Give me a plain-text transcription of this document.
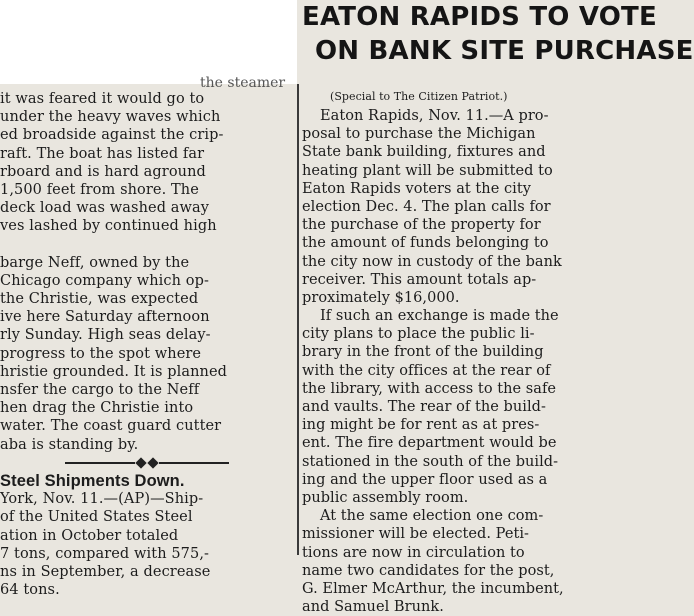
EATON RAPIDS TO VOTE
ON BANK SITE PURCHASE
the steamer
it was feared it would go to
under the heavy waves which
ed broadside against the crip-
raft. The boat has listed far
rboard and is hard aground
1,500 feet from shore. The
deck load was washed away
ves lashed by continued high
barge Neff, owned by the
Chicago company which op-
the Christie, was expected
ive here Saturday afternoon
rly Sunday. High seas delay-
progress to the spot where
hristie grounded. It is planned
nsfer the cargo to the Neff
hen drag the Christie into
water. The coast guard cutter
aba is standing by.
Steel Shipments Down.
York, Nov. 11.—(AP)—Ship-
of the United States Steel
ation in October totaled
7 tons, compared with 575,-
ns in September, a decrease
64 tons.
(Special to The Citizen Patriot.)
Eaton Rapids, Nov. 11.—A pro-
posal to purchase the Michigan
State bank building, fixtures and
heating plant will be submitted to
Eaton Rapids voters at the city
election Dec. 4. The plan calls for
the purchase of the property for
the amount of funds belonging to
the city now in custody of the bank
receiver. This amount totals ap-
proximately $16,000.
If such an exchange is made the
city plans to place the public li-
brary in the front of the building
with the city offices at the rear of
the library, with access to the safe
and vaults. The rear of the build-
ing might be for rent as at pres-
ent. The fire department would be
stationed in the south of the build-
ing and the upper floor used as a
public assembly room.
At the same election one com-
missioner will be elected. Peti-
tions are now in circulation to
name two candidates for the post,
G. Elmer McArthur, the incumbent,
and Samuel Brunk.
